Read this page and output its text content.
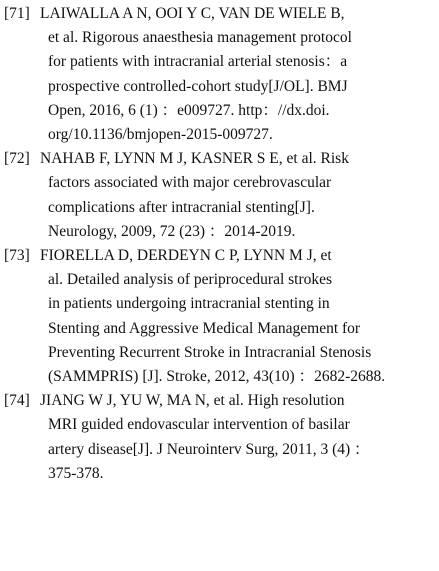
[71] LAIWALLA A N, OOI Y C, VAN DE WIELE B,
et al. Rigorous anaesthesia management protocol
for patients with intracranial arterial stenosis：a
prospective controlled-cohort study[J/OL]. BMJ
Open, 2016, 6 (1) ：e009727. http：//dx.doi.
org/10.1136/bmjopen-2015-009727.
[72] NAHAB F, LYNN M J, KASNER S E, et al. Risk
factors associated with major cerebrovascular
complications after intracranial stenting[J].
Neurology, 2009, 72 (23) ：2014-2019.
[73] FIORELLA D, DERDEYN C P, LYNN M J, et
al. Detailed analysis of periprocedural strokes
in patients undergoing intracranial stenting in
Stenting and Aggressive Medical Management for
Preventing Recurrent Stroke in Intracranial Stenosis
(SAMMPRIS) [J]. Stroke, 2012, 43(10) ：2682-2688.
[74] JIANG W J, YU W, MA N, et al. High resolution
MRI guided endovascular intervention of basilar
artery disease[J]. J Neurointerv Surg, 2011, 3 (4) ：
375-378.
